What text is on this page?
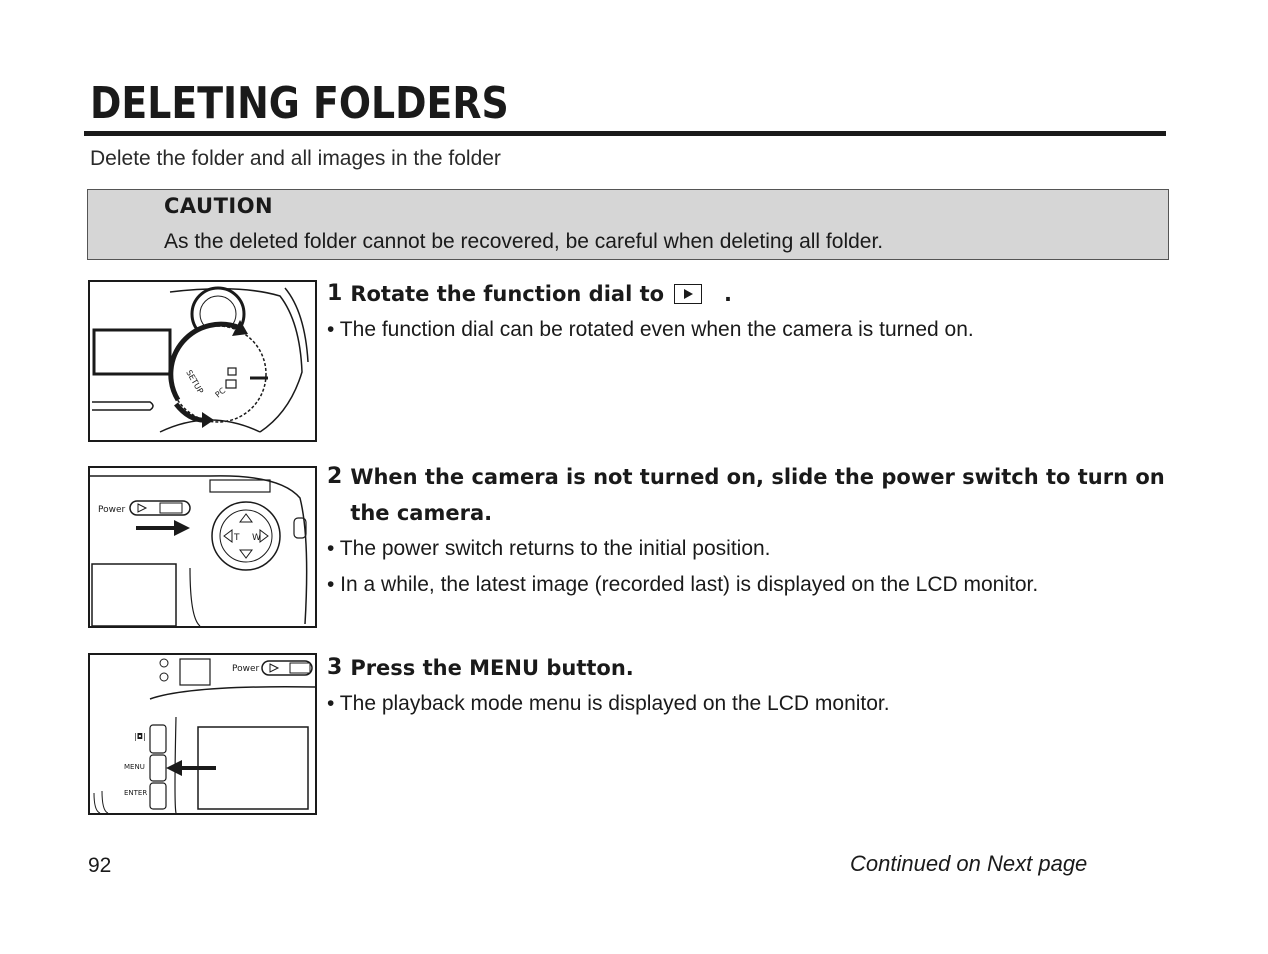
DELETING FOLDERS
Delete the folder and all images in the folder
CAUTION
As the deleted folder cannot be recovered, be careful when deleting all folder.
SETUP PC
Power
T W
Power
|◘|
MENU
ENTER
1 Rotate the function dial to	.
• The function dial can be rotated even when the camera is turned on.
2 When the camera is not turned on, slide the power switch to turn on the camera.
• The power switch returns to the initial position.
• In a while, the latest image (recorded last) is displayed on the LCD monitor.
3 Press the MENU button.
• The playback mode menu is displayed on the LCD monitor.
92	Continued on Next page
